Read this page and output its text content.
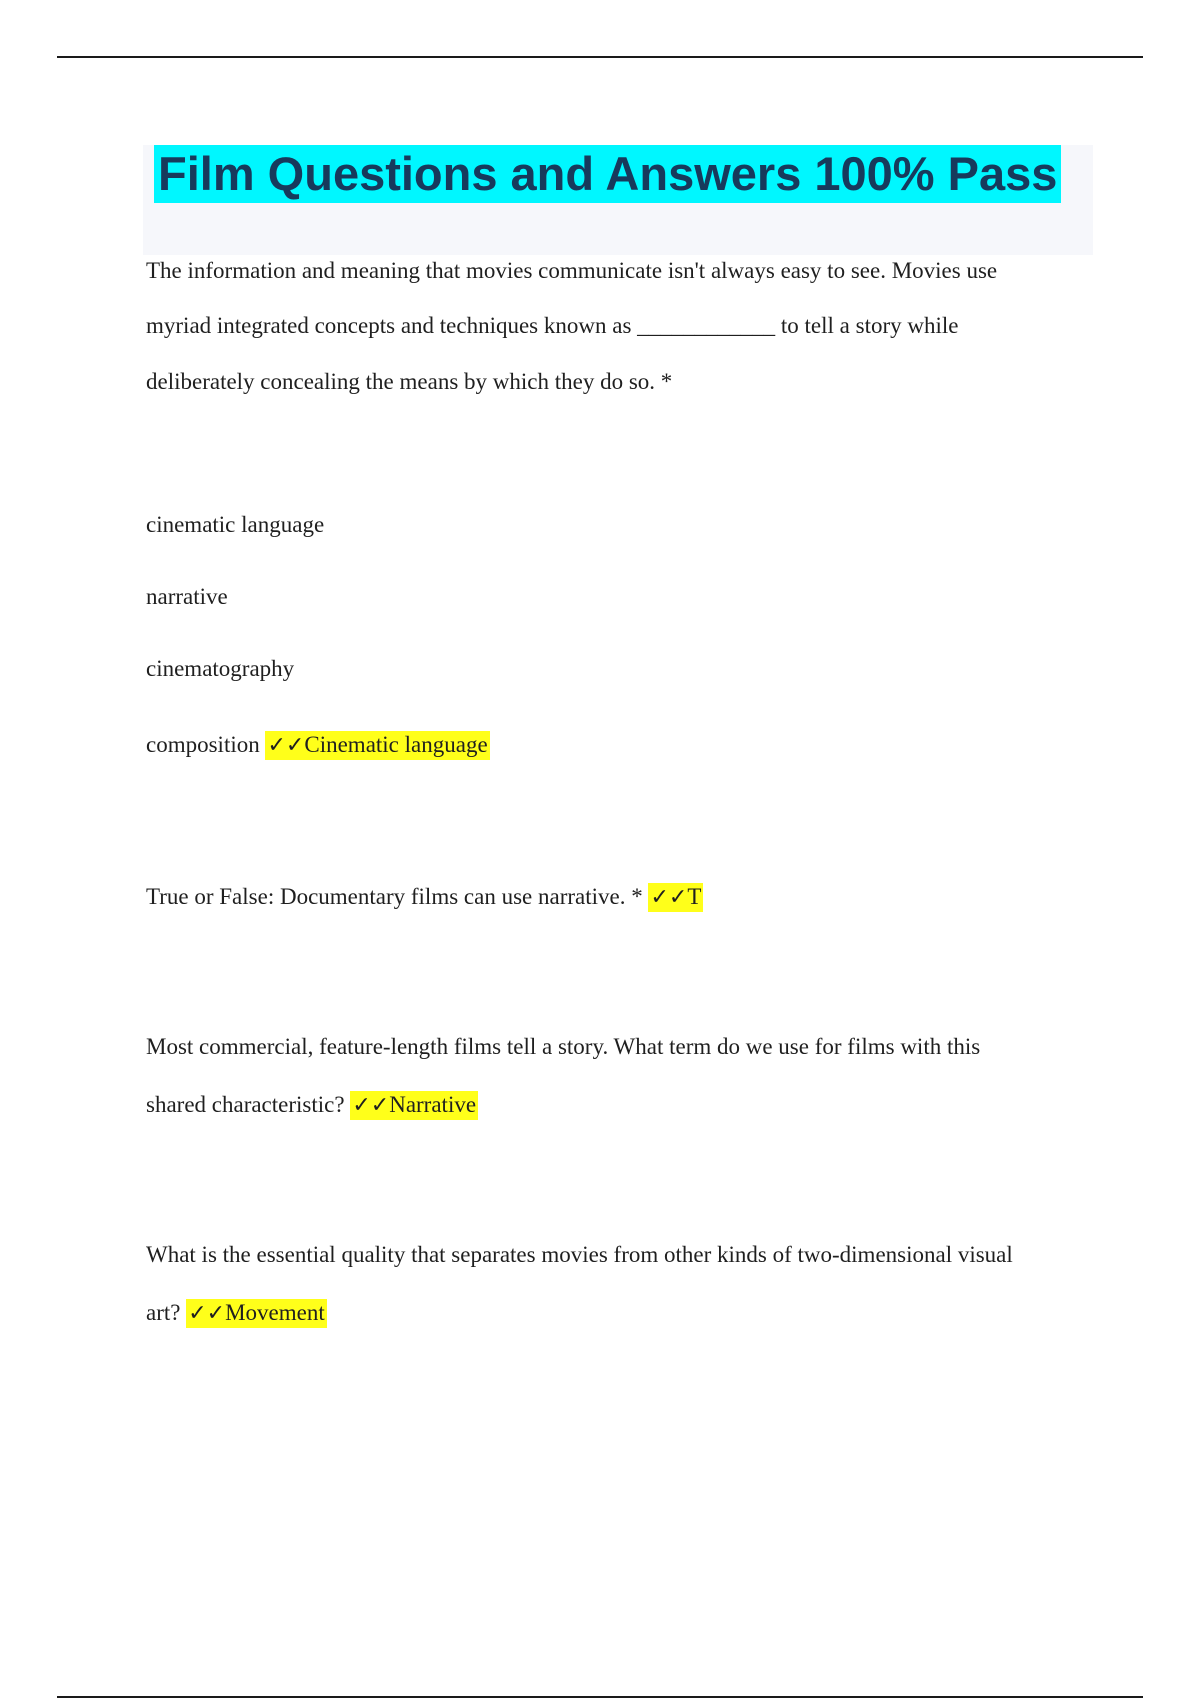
Film Questions and Answers 100% Pass
The information and meaning that movies communicate isn't always easy to see. Movies use
myriad integrated concepts and techniques known as ____________ to tell a story while
deliberately concealing the means by which they do so. *
cinematic language
narrative
cinematography
composition ✓✓Cinematic language
True or False: Documentary films can use narrative. * ✓✓T
Most commercial, feature-length films tell a story. What term do we use for films with this
shared characteristic? ✓✓Narrative
What is the essential quality that separates movies from other kinds of two-dimensional visual
art? ✓✓Movement
